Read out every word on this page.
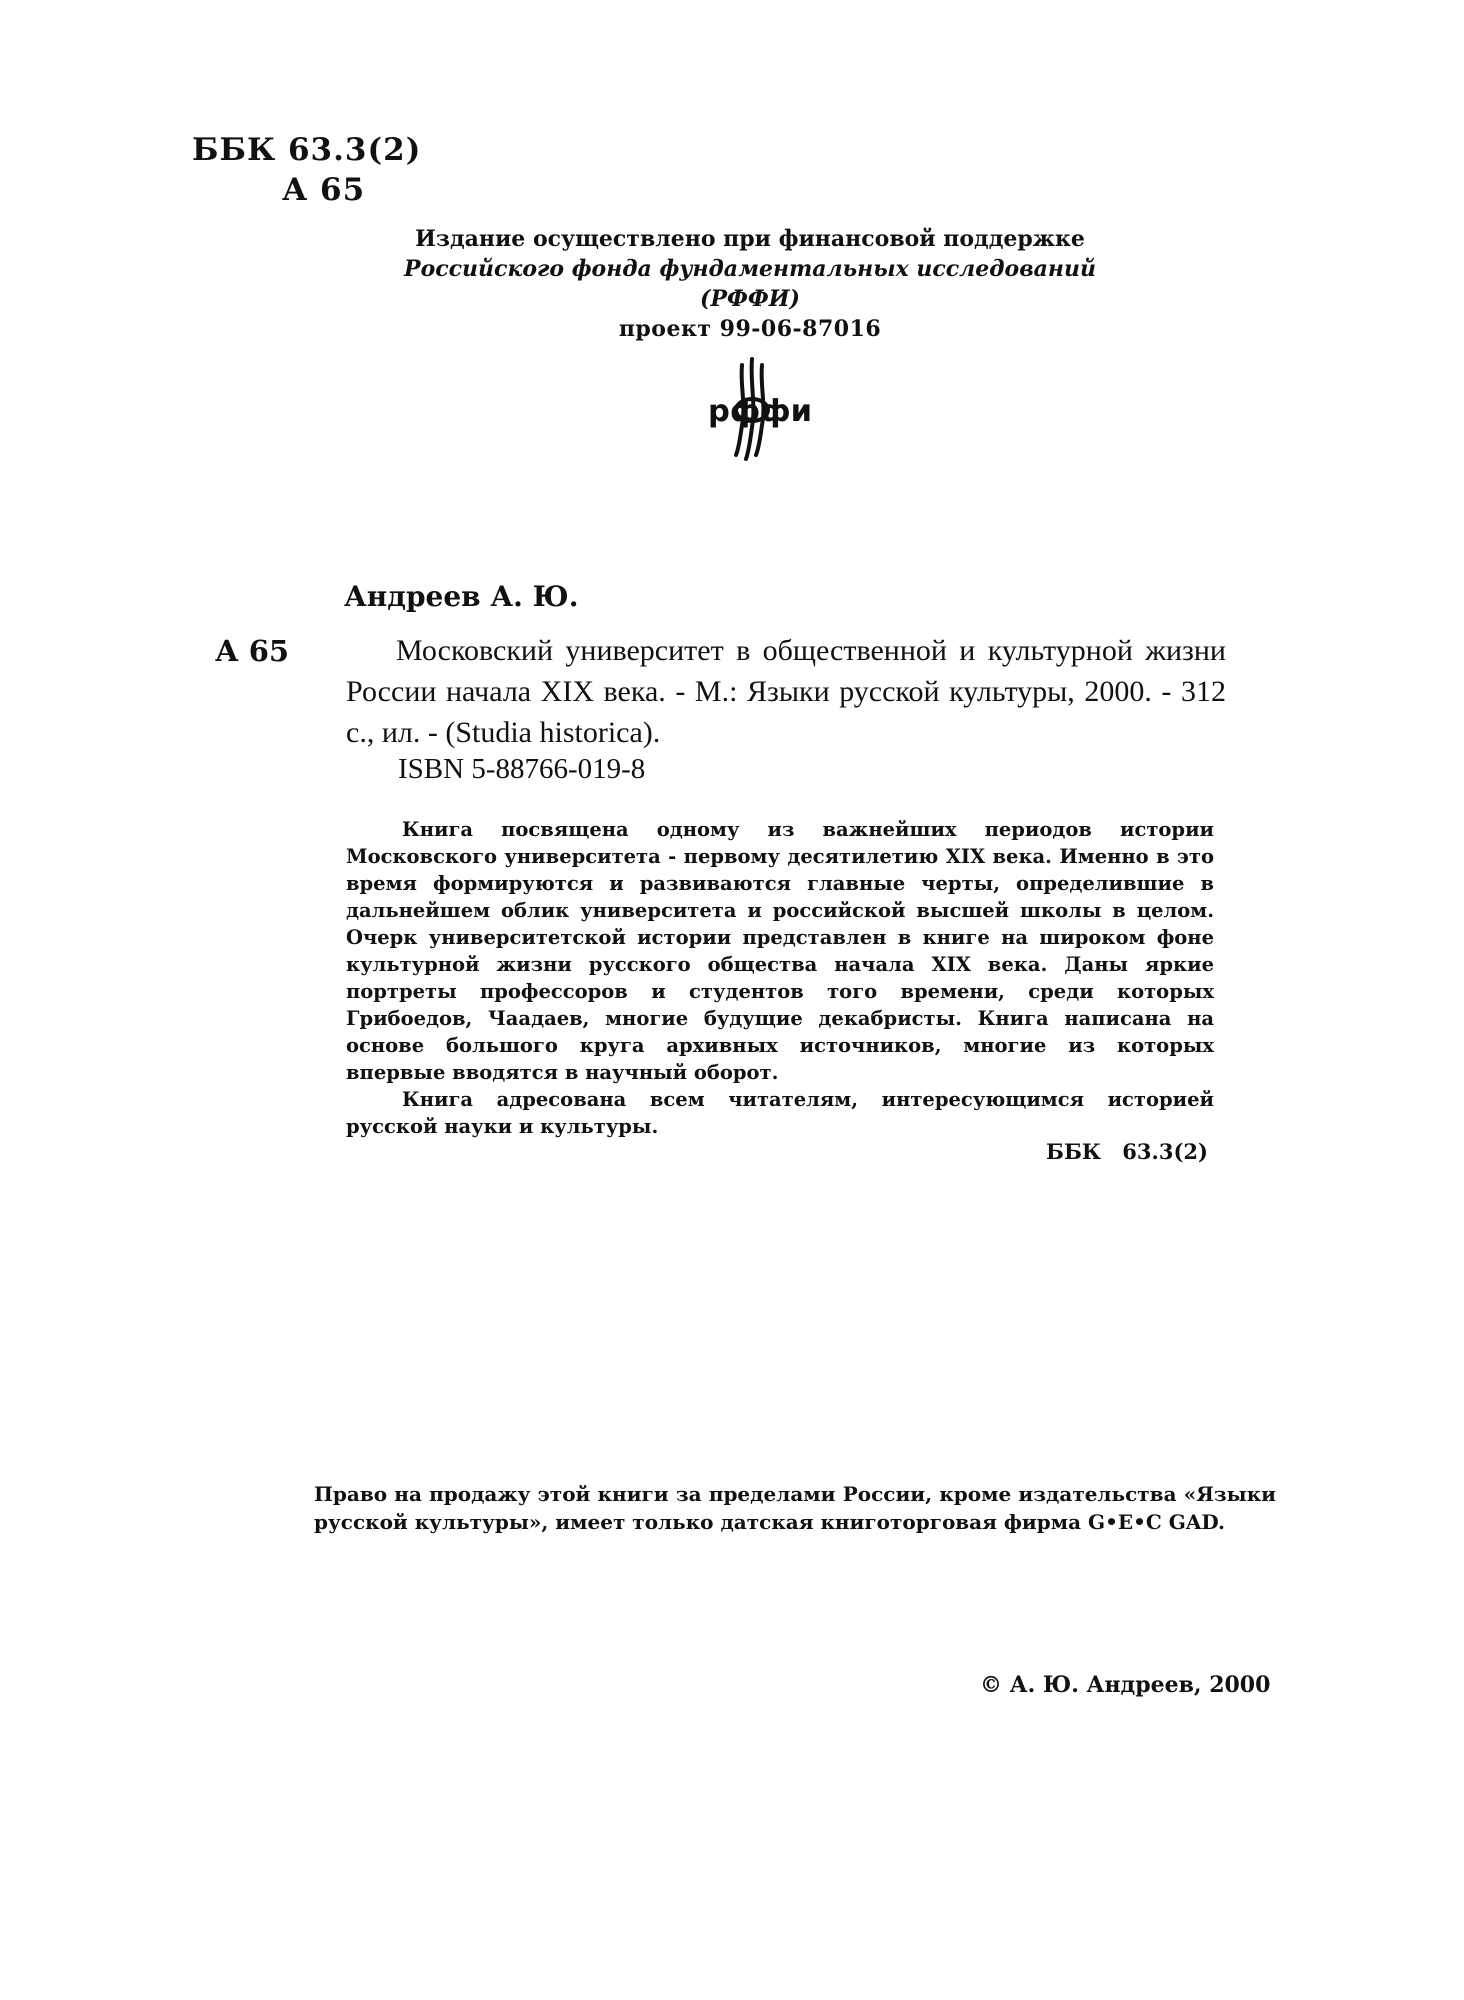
ББК 63.3(2)
А 65
Издание осуществлено при финансовой поддержке
Российского фонда фундаментальных исследований
(РФФИ)
проект 99-06-87016
рффи
Андреев А. Ю.
А 65	Московский университет в общественной и культурной жизни России начала XIX века. - М.: Языки русской культуры, 2000. - 312 с., ил. - (Studia historica).
ISBN 5-88766-019-8

Книга посвящена одному из важнейших периодов истории Московского университета - первому десятилетию XIX века. Именно в это время формируются и развиваются главные черты, определившие в дальнейшем облик университета и российской высшей школы в целом. Очерк университетской истории представлен в книге на широком фоне культурной жизни русского общества начала XIX века. Даны яркие портреты профессоров и студентов того времени, среди которых Грибоедов, Чаадаев, многие будущие декабристы. Книга написана на основе большого круга архивных источников, многие из которых впервые вводятся в научный оборот.

Книга адресована всем читателям, интересующимся историей русской науки и культуры.

ББК 63.3(2)
Право на продажу этой книги за пределами России, кроме издательства «Языки русской культуры», имеет только датская книготорговая фирма G•E•C GAD.
© А. Ю. Андреев, 2000
